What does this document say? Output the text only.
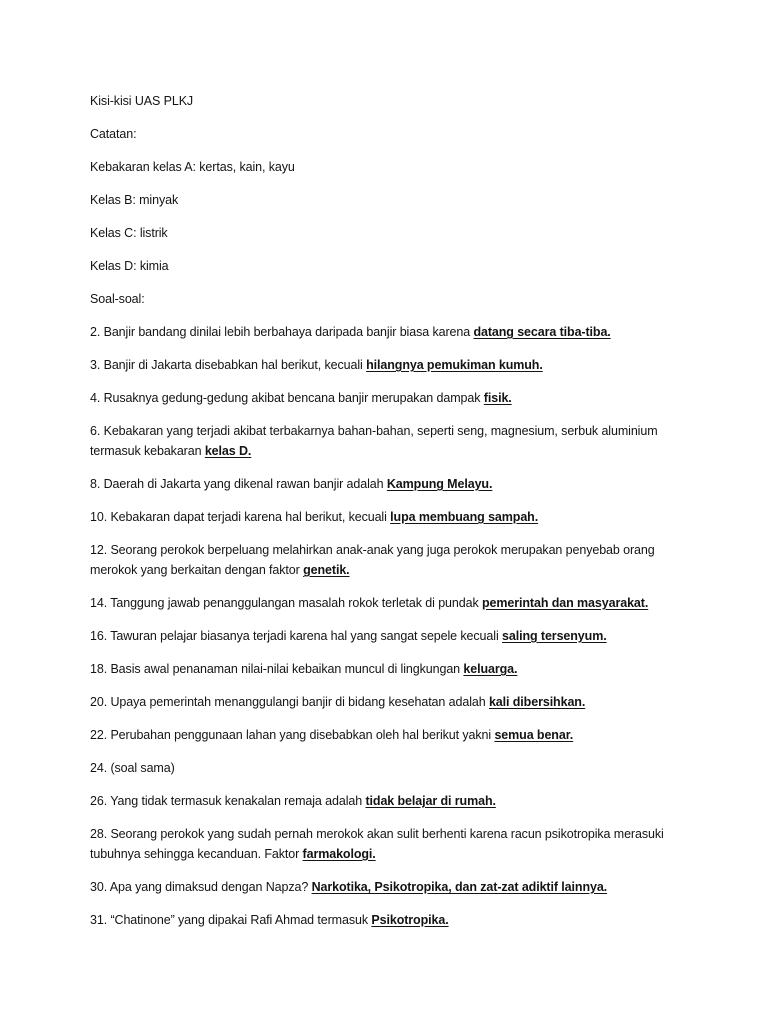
Kisi-kisi UAS PLKJ

Catatan:

Kebakaran kelas A: kertas, kain, kayu

Kelas B: minyak

Kelas C: listrik

Kelas D: kimia

Soal-soal:

2. Banjir bandang dinilai lebih berbahaya daripada banjir biasa karena datang secara tiba-tiba.

3. Banjir di Jakarta disebabkan hal berikut, kecuali hilangnya pemukiman kumuh.

4. Rusaknya gedung-gedung akibat bencana banjir merupakan dampak fisik.

6. Kebakaran yang terjadi akibat terbakarnya bahan-bahan, seperti seng, magnesium, serbuk aluminium termasuk kebakaran kelas D.

8. Daerah di Jakarta yang dikenal rawan banjir adalah Kampung Melayu.

10. Kebakaran dapat terjadi karena hal berikut, kecuali lupa membuang sampah.

12. Seorang perokok berpeluang melahirkan anak-anak yang juga perokok merupakan penyebab orang merokok yang berkaitan dengan faktor genetik.

14. Tanggung jawab penanggulangan masalah rokok terletak di pundak pemerintah dan masyarakat.

16. Tawuran pelajar biasanya terjadi karena hal yang sangat sepele kecuali saling tersenyum.

18. Basis awal penanaman nilai-nilai kebaikan muncul di lingkungan keluarga.

20. Upaya pemerintah menanggulangi banjir di bidang kesehatan adalah kali dibersihkan.

22. Perubahan penggunaan lahan yang disebabkan oleh hal berikut yakni semua benar.

24. (soal sama)

26. Yang tidak termasuk kenakalan remaja adalah tidak belajar di rumah.

28. Seorang perokok yang sudah pernah merokok akan sulit berhenti karena racun psikotropika merasuki tubuhnya sehingga kecanduan. Faktor farmakologi.

30. Apa yang dimaksud dengan Napza? Narkotika, Psikotropika, dan zat-zat adiktif lainnya.

31. “Chatinone” yang dipakai Rafi Ahmad termasuk Psikotropika.
